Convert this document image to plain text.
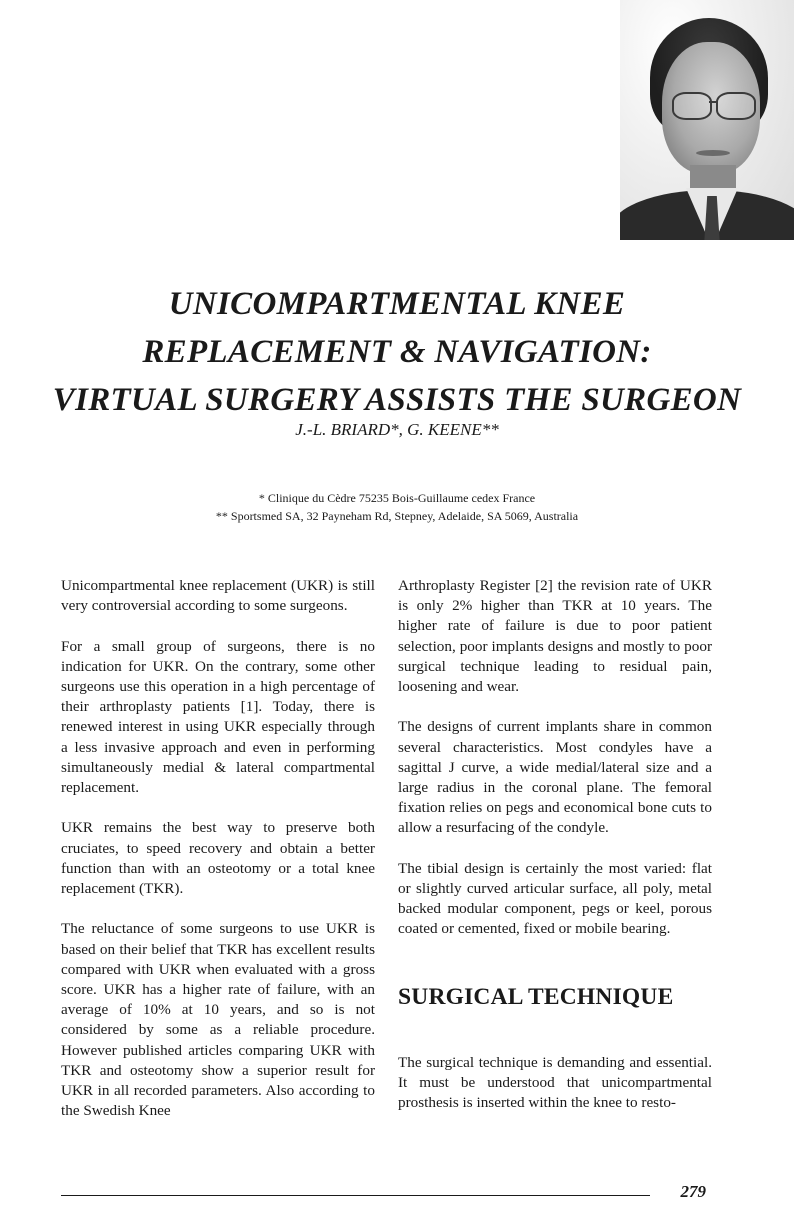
UNICOMPARTMENTAL KNEE
REPLACEMENT & NAVIGATION:
VIRTUAL SURGERY ASSISTS THE SURGEON
J.-L. BRIARD*, G. KEENE**
* Clinique du Cèdre 75235 Bois-Guillaume cedex France
** Sportsmed SA, 32 Payneham Rd, Stepney, Adelaide, SA 5069, Australia

Unicompartmental knee replacement (UKR) is still very controversial according to some surgeons.

For a small group of surgeons, there is no indication for UKR. On the contrary, some other surgeons use this operation in a high percentage of their arthroplasty patients [1]. Today, there is renewed interest in using UKR especially through a less invasive approach and even in performing simultaneously medial & lateral compartmental replacement.

UKR remains the best way to preserve both cruciates, to speed recovery and obtain a better function than with an osteotomy or a total knee replacement (TKR).

The reluctance of some surgeons to use UKR is based on their belief that TKR has excellent results compared with UKR when evaluated with a gross score. UKR has a higher rate of failure, with an average of 10% at 10 years, and so is not considered by some as a reliable procedure. However published articles comparing UKR with TKR and osteotomy show a superior result for UKR in all recorded parameters. Also according to the Swedish Knee

Arthroplasty Register [2] the revision rate of UKR is only 2% higher than TKR at 10 years. The higher rate of failure is due to poor patient selection, poor implants designs and mostly to poor surgical technique leading to residual pain, loosening and wear.

The designs of current implants share in common several characteristics. Most condyles have a sagittal J curve, a wide medial/lateral size and a large radius in the coronal plane. The femoral fixation relies on pegs and economical bone cuts to allow a resurfacing of the condyle.

The tibial design is certainly the most varied: flat or slightly curved articular surface, all poly, metal backed modular component, pegs or keel, porous coated or cemented, fixed or mobile bearing.

SURGICAL TECHNIQUE

The surgical technique is demanding and essential. It must be understood that unicompartmental prosthesis is inserted within the knee to resto-

279
